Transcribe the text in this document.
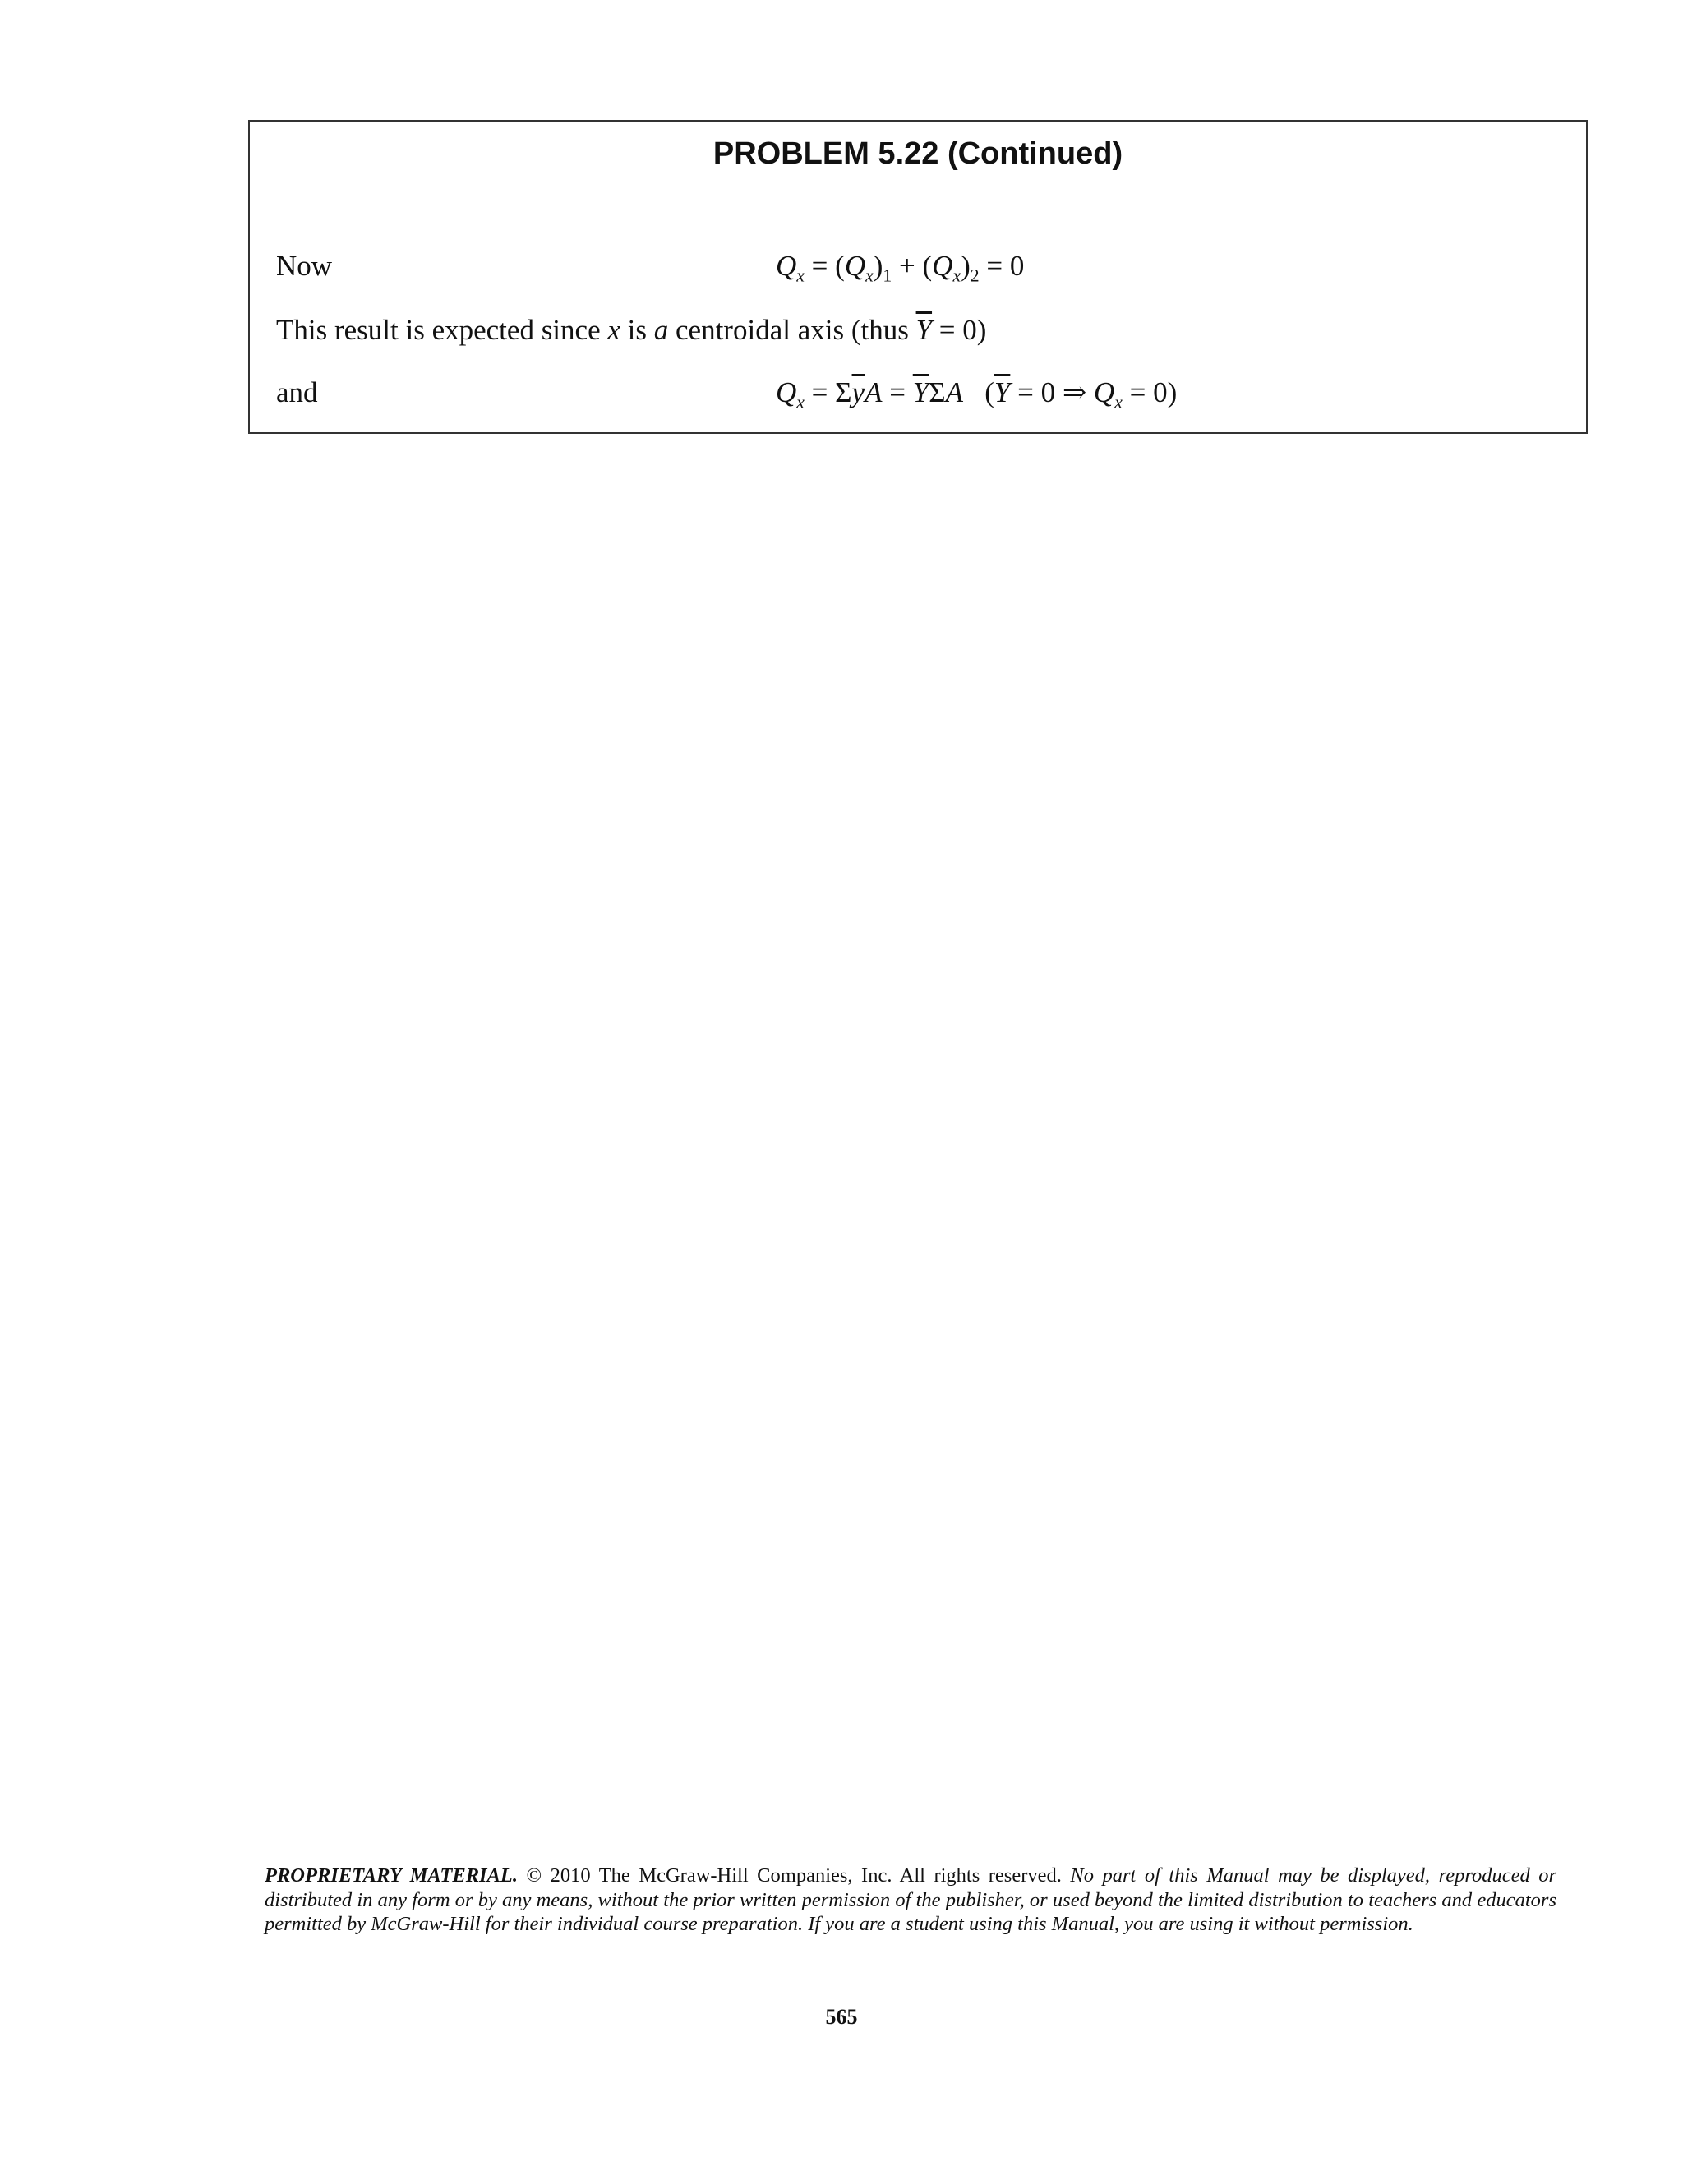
PROBLEM 5.22 (Continued)
Now	$Q_x = (Q_x)_1 + (Q_x)_2 = 0$
This result is expected since x is a centroidal axis (thus $\overline{Y} = 0$)
and	$Q_x = \Sigma\overline{y}A = \overline{Y}\Sigma A$   ($\overline{Y} = 0$ ⇒ $Q_x = 0$)
PROPRIETARY MATERIAL. © 2010 The McGraw-Hill Companies, Inc. All rights reserved. No part of this Manual may be displayed, reproduced or distributed in any form or by any means, without the prior written permission of the publisher, or used beyond the limited distribution to teachers and educators permitted by McGraw-Hill for their individual course preparation. If you are a student using this Manual, you are using it without permission.
565
